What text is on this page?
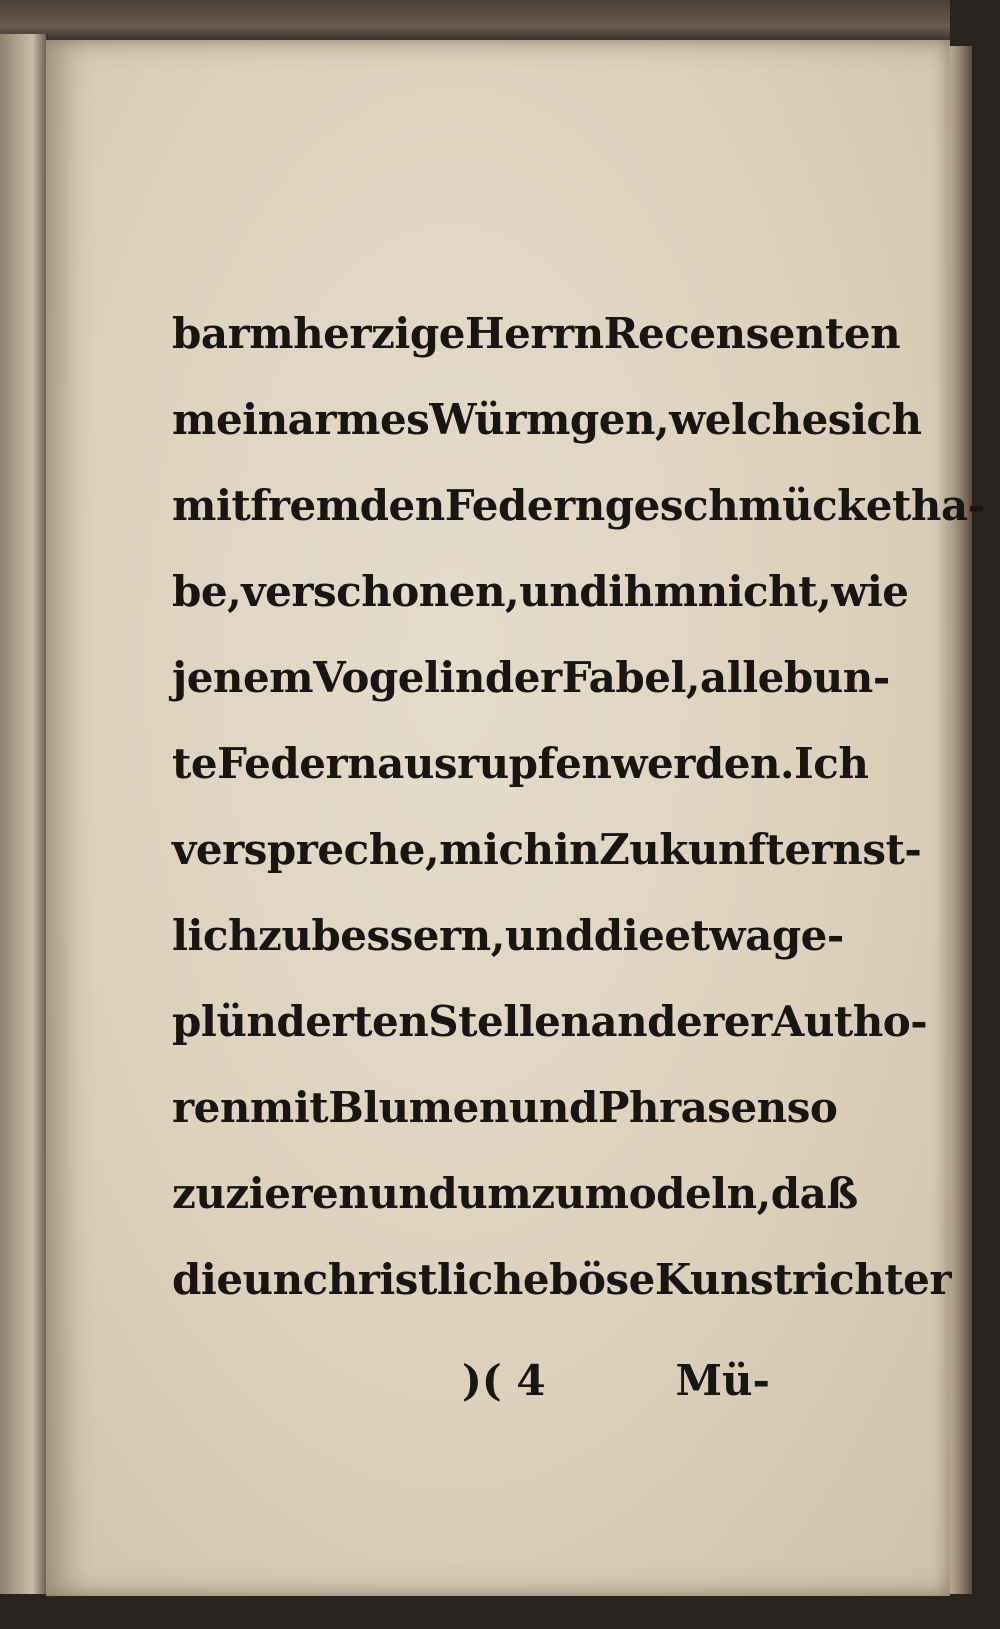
barmherzige Herrn Recensenten
mein armes Würmgen, welches ich
mit fremden Federn geschmücket ha-
be, verschonen, und ihm nicht, wie
jenem Vogel in der Fabel, alle bun-
te Federn ausrupfen werden. Ich
verspreche, mich in Zukunft ernst-
lich zu bessern, und die etwa ge-
plünderten Stellen anderer Autho-
ren mit Blumen und Phrasen so
zu zieren und umzumodeln, daß
die unchristliche böse Kunstrichter
)( 4	Mü-
